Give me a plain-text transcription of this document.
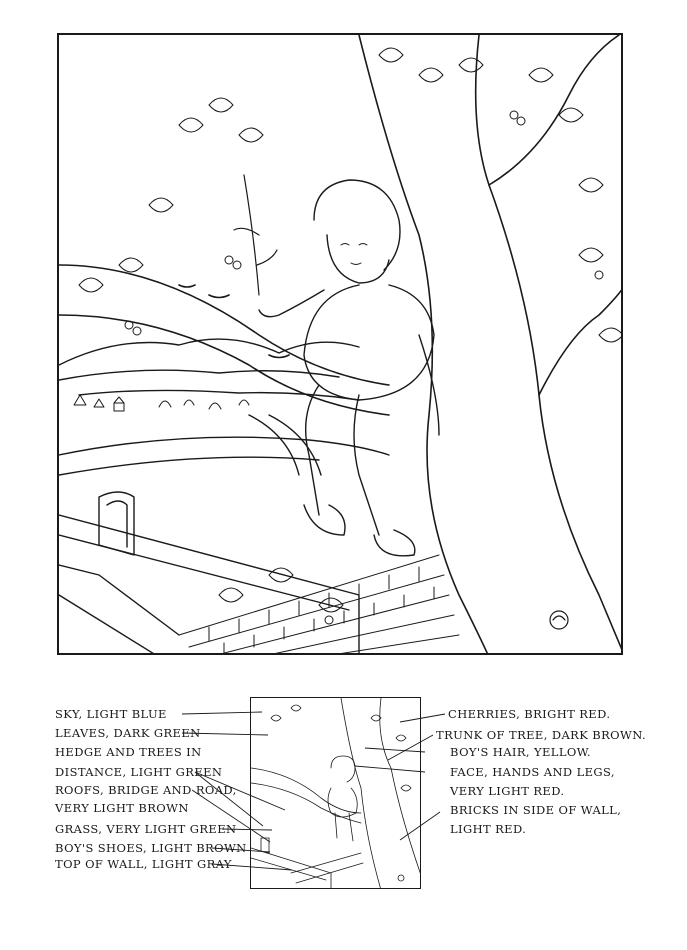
SKY, LIGHT BLUE
LEAVES, DARK GREEN
HEDGE AND TREES IN
DISTANCE, LIGHT GREEN
ROOFS, BRIDGE AND ROAD,
VERY LIGHT BROWN
GRASS, VERY LIGHT GREEN
BOY'S SHOES, LIGHT BROWN
TOP OF WALL, LIGHT GRAY
CHERRIES, BRIGHT RED.
TRUNK OF TREE, DARK BROWN.
BOY'S HAIR, YELLOW.
FACE, HANDS AND LEGS,
VERY LIGHT RED.
BRICKS IN SIDE OF WALL,
LIGHT RED.
